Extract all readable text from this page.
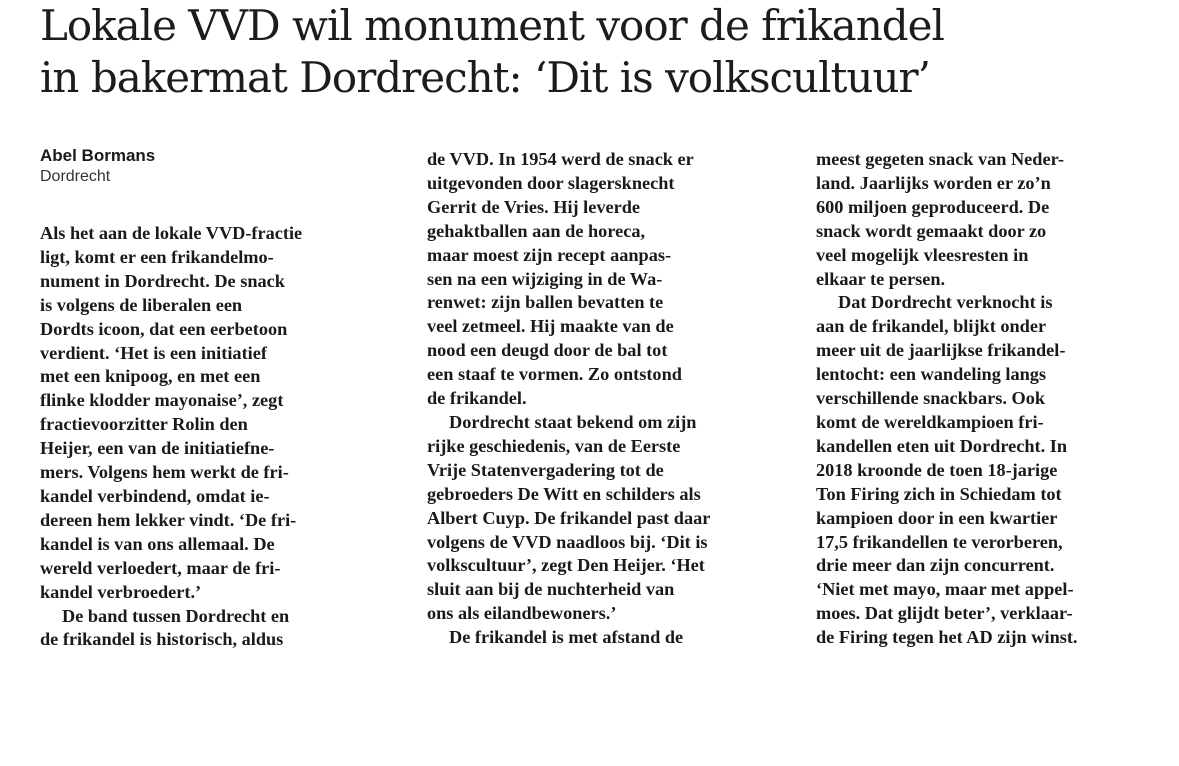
Lokale VVD wil monument voor de frikandel
in bakermat Dordrecht: ‘Dit is volkscultuur’
Abel Bormans
Dordrecht
Als het aan de lokale VVD-fractie
ligt, komt er een frikandelmo-
nument in Dordrecht. De snack
is volgens de liberalen een
Dordts icoon, dat een eerbetoon
verdient. ‘Het is een initiatief
met een knipoog, en met een
flinke klodder mayonaise’, zegt
fractievoorzitter Rolin den
Heijer, een van de initiatiefne-
mers. Volgens hem werkt de fri-
kandel verbindend, omdat ie-
dereen hem lekker vindt. ‘De fri-
kandel is van ons allemaal. De
wereld verloedert, maar de fri-
kandel verbroedert.’
De band tussen Dordrecht en
de frikandel is historisch, aldus
de VVD. In 1954 werd de snack er
uitgevonden door slagersknecht
Gerrit de Vries. Hij leverde
gehaktballen aan de horeca,
maar moest zijn recept aanpas-
sen na een wijziging in de Wa-
renwet: zijn ballen bevatten te
veel zetmeel. Hij maakte van de
nood een deugd door de bal tot
een staaf te vormen. Zo ontstond
de frikandel.
Dordrecht staat bekend om zijn
rijke geschiedenis, van de Eerste
Vrije Statenvergadering tot de
gebroeders De Witt en schilders als
Albert Cuyp. De frikandel past daar
volgens de VVD naadloos bij. ‘Dit is
volkscultuur’, zegt Den Heijer. ‘Het
sluit aan bij de nuchterheid van
ons als eilandbewoners.’
De frikandel is met afstand de
meest gegeten snack van Neder-
land. Jaarlijks worden er zo’n
600 miljoen geproduceerd. De
snack wordt gemaakt door zo
veel mogelijk vleesresten in
elkaar te persen.
Dat Dordrecht verknocht is
aan de frikandel, blijkt onder
meer uit de jaarlijkse frikandel-
lentocht: een wandeling langs
verschillende snackbars. Ook
komt de wereldkampioen fri-
kandellen eten uit Dordrecht. In
2018 kroonde de toen 18-jarige
Ton Firing zich in Schiedam tot
kampioen door in een kwartier
17,5 frikandellen te verorberen,
drie meer dan zijn concurrent.
‘Niet met mayo, maar met appel-
moes. Dat glijdt beter’, verklaar-
de Firing tegen het AD zijn winst.
